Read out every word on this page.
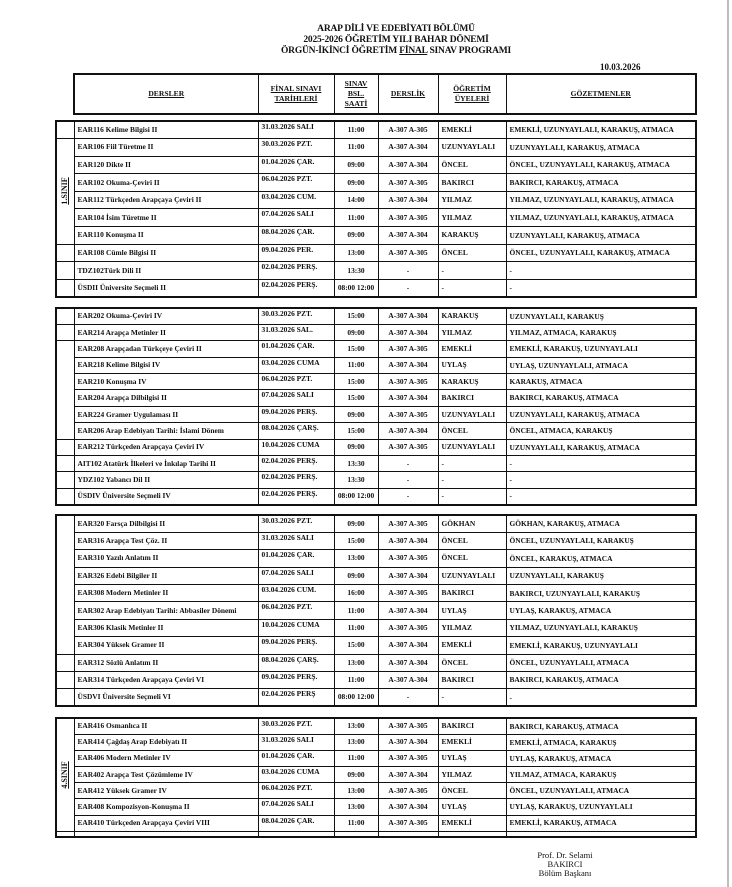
ARAP DİLİ VE EDEBİYATI BÖLÜMÜ
2025-2026 ÖĞRETİM YILI BAHAR DÖNEMİ
ÖRGÜN-İKİNCİ ÖĞRETİM FİNAL SINAV PROGRAMI
10.03.2026
DERSLER	FİNAL SINAVI TARİHLERİ	SINAV BSL. SAATİ	DERSLİK	ÖĞRETİM ÜYELERİ	GÖZETMENLER
	EAR116 Kelime Bilgisi II	31.03.2026 SALI	11:00	A-307 A-305	EMEKLİ	EMEKLİ, UZUNYAYLALI, KARAKUŞ, ATMACA

1.SINIF	EAR106 Fiil Türetme II	30.03.2026 PZT.	11:00	A-307 A-304	UZUNYAYLALI	UZUNYAYLALI, KARAKUŞ, ATMACA
	EAR120 Dikte II	01.04.2026 ÇAR.	09:00	A-307 A-304	ÖNCEL	ÖNCEL, UZUNYAYLALI, KARAKUŞ, ATMACA
	EAR102 Okuma-Çeviri II	06.04.2026 PZT.	09:00	A-307 A-305	BAKIRCI	BAKIRCI, KARAKUŞ, ATMACA
	EAR112 Türkçeden Arapçaya Çeviri II	03.04.2026 CUM.	14:00	A-307 A-304	YILMAZ	YILMAZ, UZUNYAYLALI, KARAKUŞ, ATMACA
	EAR104 İsim Türetme II	07.04.2026 SALI	11:00	A-307 A-305	YILMAZ	YILMAZ, UZUNYAYLALI, KARAKUŞ, ATMACA
	EAR110 Konuşma II	08.04.2026 ÇAR.	09:00	A-307 A-304	KARAKUŞ	UZUNYAYLALI, KARAKUŞ, ATMACA
	EAR108 Cümle Bilgisi II	09.04.2026 PER.	13:00	A-307 A-305	ÖNCEL	ÖNCEL, UZUNYAYLALI, KARAKUŞ, ATMACA
	TDZ102Türk Dili II	02.04.2026 PERŞ.	13:30	-	-	-
	ÜSDII Üniversite Seçmeli II	02.04.2026 PERŞ.	08:00 12:00	-	-	-
	EAR202 Okuma-Çeviri IV	30.03.2026 PZT.	15:00	A-307 A-304	KARAKUŞ	UZUNYAYLALI, KARAKUŞ
	EAR214 Arapça Metinler II	31.03.2026 SAL.	09:00	A-307 A-304	YILMAZ	YILMAZ, ATMACA, KARAKUŞ
	EAR208 Arapçadan Türkçeye Çeviri II	01.04.2026 ÇAR.	15:00	A-307 A-305	EMEKLİ	EMEKLİ, KARAKUŞ, UZUNYAYLALI
	EAR218 Kelime Bilgisi IV	03.04.2026 CUMA	11:00	A-307 A-304	UYLAŞ	UYLAŞ, UZUNYAYLALI, ATMACA
	EAR210 Konuşma IV	06.04.2026 PZT.	15:00	A-307 A-305	KARAKUŞ	KARAKUŞ, ATMACA
	EAR204 Arapça Dilbilgisi II	07.04.2026 SALI	15:00	A-307 A-304	BAKIRCI	BAKIRCI, KARAKUŞ, ATMACA
	EAR224 Gramer Uygulaması II	09.04.2026 PERŞ.	09:00	A-307 A-305	UZUNYAYLALI	UZUNYAYLALI, KARAKUŞ, ATMACA
	EAR206 Arap Edebiyatı Tarihi: İslami Dönem	08.04.2026 ÇARŞ.	15:00	A-307 A-304	ÖNCEL	ÖNCEL, ATMACA, KARAKUŞ
	EAR212 Türkçeden Arapçaya Çeviri IV	10.04.2026 CUMA	09:00	A-307 A-305	UZUNYAYLALI	UZUNYAYLALI, KARAKUŞ, ATMACA
	AIT102 Atatürk İlkeleri ve İnkılap Tarihi II	02.04.2026 PERŞ.	13:30	-	-	-
	YDZ102 Yabancı Dil II	02.04.2026 PERŞ.	13:30	-	-	-
	ÜSDIV Üniversite Seçmeli IV	02.04.2026 PERŞ.	08:00 12:00	-	-	-
	EAR320 Farsça Dilbilgisi II	30.03.2026 PZT.	09:00	A-307 A-305	GÖKHAN	GÖKHAN, KARAKUŞ, ATMACA
	EAR316 Arapça Test Çöz. II	31.03.2026 SALI	15:00	A-307 A-304	ÖNCEL	ÖNCEL, UZUNYAYLALI, KARAKUŞ
	EAR310 Yazılı Anlatım II	01.04.2026 ÇAR.	13:00	A-307 A-305	ÖNCEL	ÖNCEL, KARAKUŞ, ATMACA
	EAR326 Edebi Bilgiler II	07.04.2026 SALI	09:00	A-307 A-304	UZUNYAYLALI	UZUNYAYLALI, KARAKUŞ
	EAR308 Modern Metinler II	03.04.2026 CUM.	16:00	A-307 A-305	BAKIRCI	BAKIRCI, UZUNYAYLALI, KARAKUŞ
	EAR302 Arap Edebiyatı Tarihi: Abbasiler Dönemi	06.04.2026 PZT.	11:00	A-307 A-304	UYLAŞ	UYLAŞ, KARAKUŞ, ATMACA
	EAR306 Klasik Metinler II	10.04.2026 CUMA	11:00	A-307 A-305	YILMAZ	YILMAZ, UZUNYAYLALI, KARAKUŞ
	EAR304 Yüksek Gramer II	09.04.2026 PERŞ.	15:00	A-307 A-304	EMEKLİ	EMEKLİ, KARAKUŞ, UZUNYAYLALI
	EAR312 Sözlü Anlatım II	08.04.2026 ÇARŞ.	13:00	A-307 A-304	ÖNCEL	ÖNCEL, UZUNYAYLALI, ATMACA
	EAR314 Türkçeden Arapçaya Çeviri VI	09.04.2026 PERŞ.	11:00	A-307 A-304	BAKIRCI	BAKIRCI, KARAKUŞ, ATMACA
	ÜSDVI Üniversite Seçmeli VI	02.04.2026 PERŞ	08:00 12:00	-	-	-
4.SINIF	EAR416 Osmanlıca II	30.03.2026 PZT.	13:00	A-307 A-305	BAKIRCI	BAKIRCI, KARAKUŞ, ATMACA
	EAR414 Çağdaş Arap Edebiyatı II	31.03.2026 SALI	13:00	A-307 A-304	EMEKLİ	EMEKLİ, ATMACA, KARAKUŞ
	EAR406 Modern Metinler IV	01.04.2026 ÇAR.	11:00	A-307 A-305	UYLAŞ	UYLAŞ, KARAKUŞ, ATMACA
	EAR402 Arapça Test Çözümleme IV	03.04.2026 CUMA	09:00	A-307 A-304	YILMAZ	YILMAZ, ATMACA, KARAKUŞ
	EAR412 Yüksek Gramer IV	06.04.2026 PZT.	13:00	A-307 A-305	ÖNCEL	ÖNCEL, UZUNYAYLALI, ATMACA
	EAR408 Kompozisyon-Konuşma II	07.04.2026 SALI	13:00	A-307 A-304	UYLAŞ	UYLAŞ, KARAKUŞ, UZUNYAYLALI
	EAR410 Türkçeden Arapçaya Çeviri VIII	08.04.2026 ÇAR.	11:00	A-307 A-305	EMEKLİ	EMEKLİ, KARAKUŞ, ATMACA

Prof. Dr. Selami BAKIRCI
Bölüm Başkanı
